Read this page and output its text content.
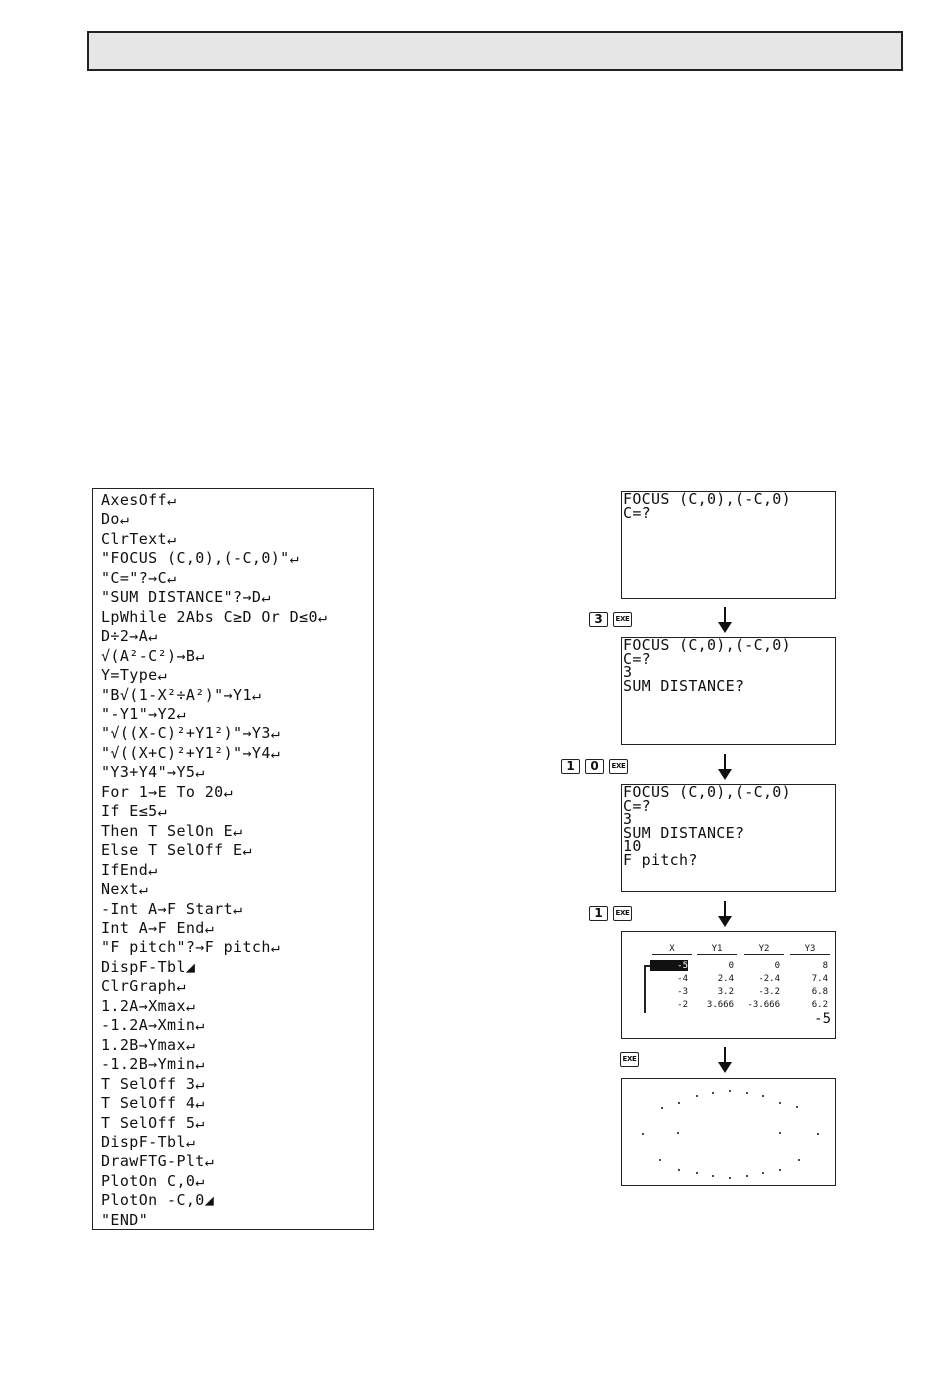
AxesOff↵
Do↵
ClrText↵
"FOCUS (C,0),(-C,0)"↵
"C="?→C↵
"SUM DISTANCE"?→D↵
LpWhile 2Abs C≥D Or D≤0↵
D÷2→A↵
√(A²-C²)→B↵
Y=Type↵
"B√(1-X²÷A²)"→Y1↵
"-Y1"→Y2↵
"√((X-C)²+Y1²)"→Y3↵
"√((X+C)²+Y1²)"→Y4↵
"Y3+Y4"→Y5↵
For 1→E To 20↵
If E≤5↵
Then T SelOn E↵
Else T SelOff E↵
IfEnd↵
Next↵
-Int A→F Start↵
Int A→F End↵
"F pitch"?→F pitch↵
DispF-Tbl◢
ClrGraph↵
1.2A→Xmax↵
-1.2A→Xmin↵
1.2B→Ymax↵
-1.2B→Ymin↵
T SelOff 3↵
T SelOff 4↵
T SelOff 5↵
DispF-Tbl↵
DrawFTG-Plt↵
PlotOn C,0↵
PlotOn -C,0◢
"END"
FOCUS (C,0),(-C,0)
C=?
3	EXE
FOCUS (C,0),(-C,0)
C=?
3
SUM DISTANCE?
1	0	EXE
FOCUS (C,0),(-C,0)
C=?
3
SUM DISTANCE?
10
F pitch?
1	EXE
X	Y1	Y2	Y3
-5	0	0	8
-4	2.4	-2.4	7.4
-3	3.2	-3.2	6.8
-2	3.666	-3.666	6.2
-5
EXE
